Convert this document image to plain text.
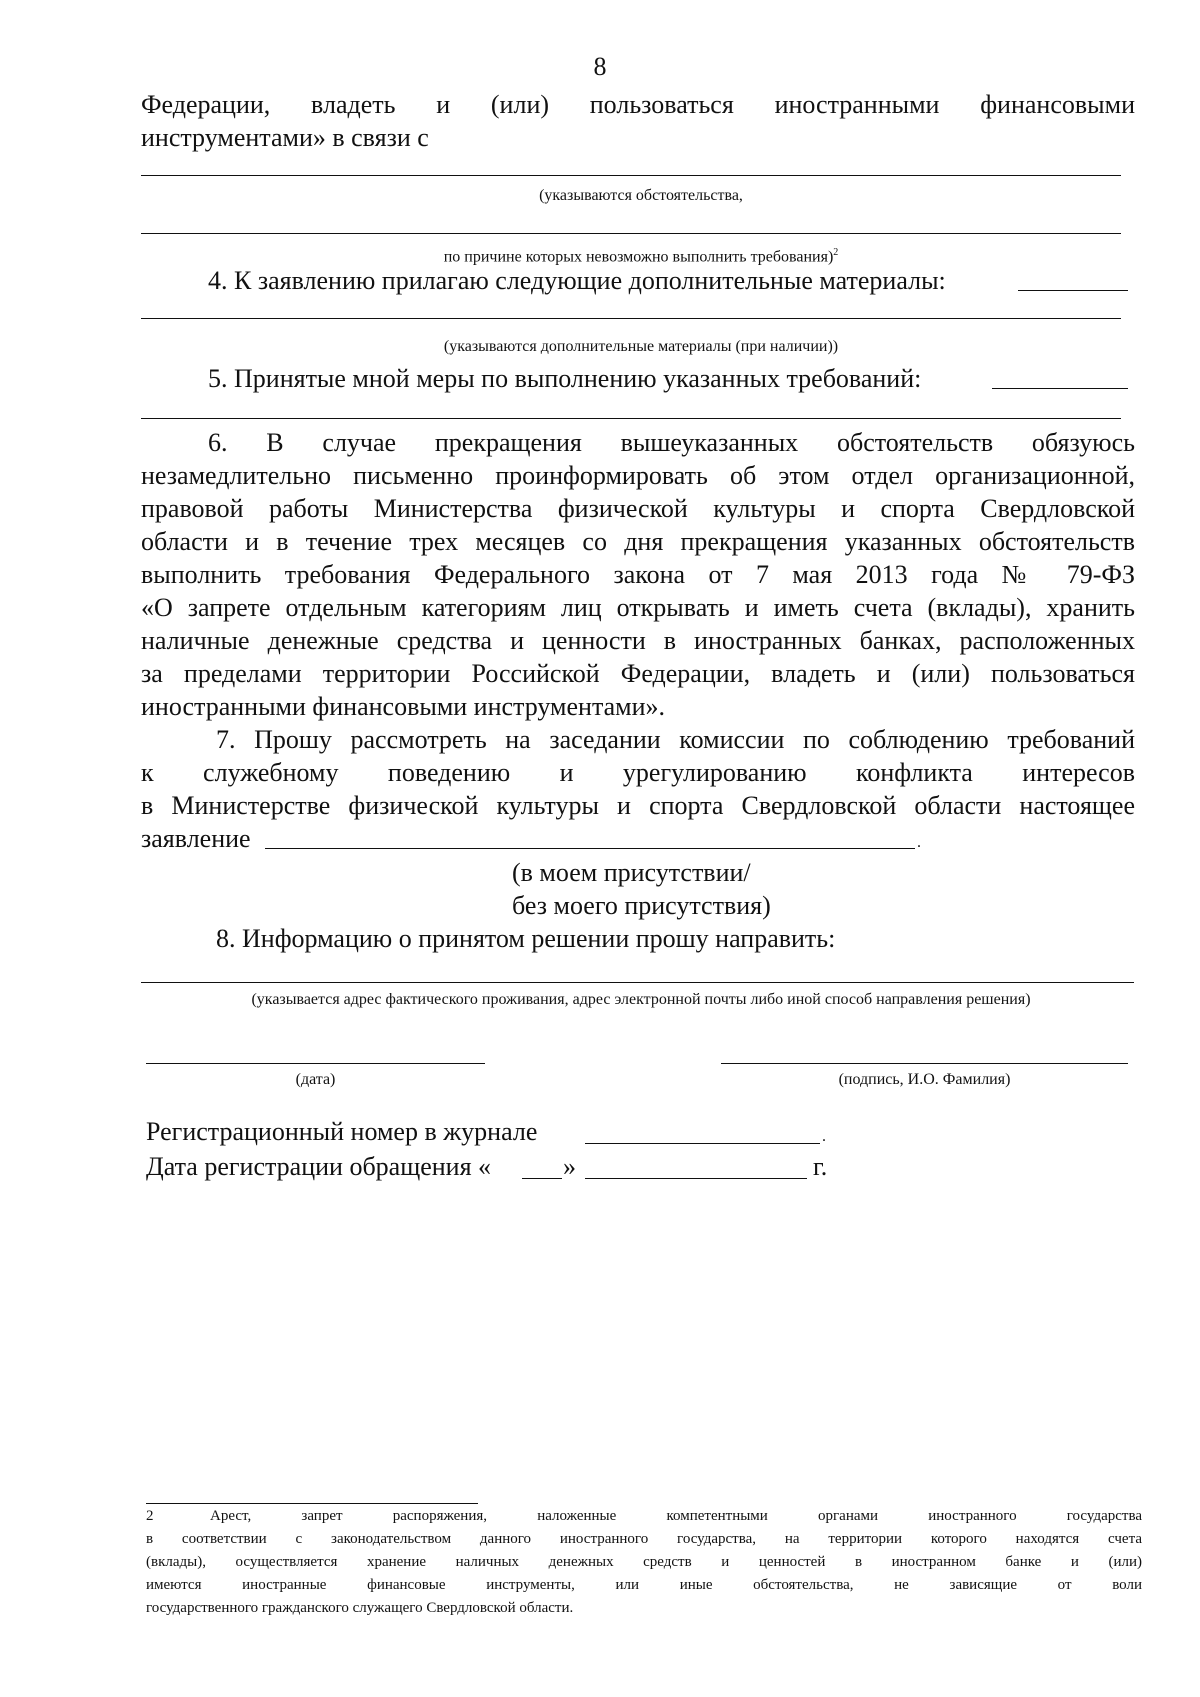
8
Федерации, владеть и (или) пользоваться иностранными финансовыми
инструментами» в связи с
(указываются обстоятельства,
по причине которых невозможно выполнить требования)$^2$
4. К заявлению прилагаю следующие дополнительные материалы:
(указываются дополнительные материалы (при наличии))
5. Принятые мной меры по выполнению указанных требований:
6. В случае прекращения вышеуказанных обстоятельств обязуюсь
незамедлительно письменно проинформировать об этом отдел организационной,
правовой работы Министерства физической культуры и спорта Свердловской
области и в течение трех месяцев со дня прекращения указанных обстоятельств
выполнить требования Федерального закона от 7 мая 2013 года № 79-ФЗ
«О запрете отдельным категориям лиц открывать и иметь счета (вклады), хранить
наличные денежные средства и ценности в иностранных банках, расположенных
за пределами территории Российской Федерации, владеть и (или) пользоваться
иностранными финансовыми инструментами».
7. Прошу рассмотреть на заседании комиссии по соблюдению требований
к служебному поведению и урегулированию конфликта интересов
в Министерстве физической культуры и спорта Свердловской области настоящее
заявление	.
(в моем присутствии/
без моего присутствия)
8. Информацию о принятом решении прошу направить:
(указывается адрес фактического проживания, адрес электронной почты либо иной способ направления решения)
(дата)	(подпись, И.О. Фамилия)
Регистрационный номер в журнале	.
Дата регистрации обращения «	»	г.
2	Арест, запрет распоряжения, наложенные компетентными органами иностранного государства
в соответствии с законодательством данного иностранного государства, на территории которого находятся счета
(вклады), осуществляется хранение наличных денежных средств и ценностей в иностранном банке и (или)
имеются иностранные финансовые инструменты, или иные обстоятельства, не зависящие от воли
государственного гражданского служащего Свердловской области.
